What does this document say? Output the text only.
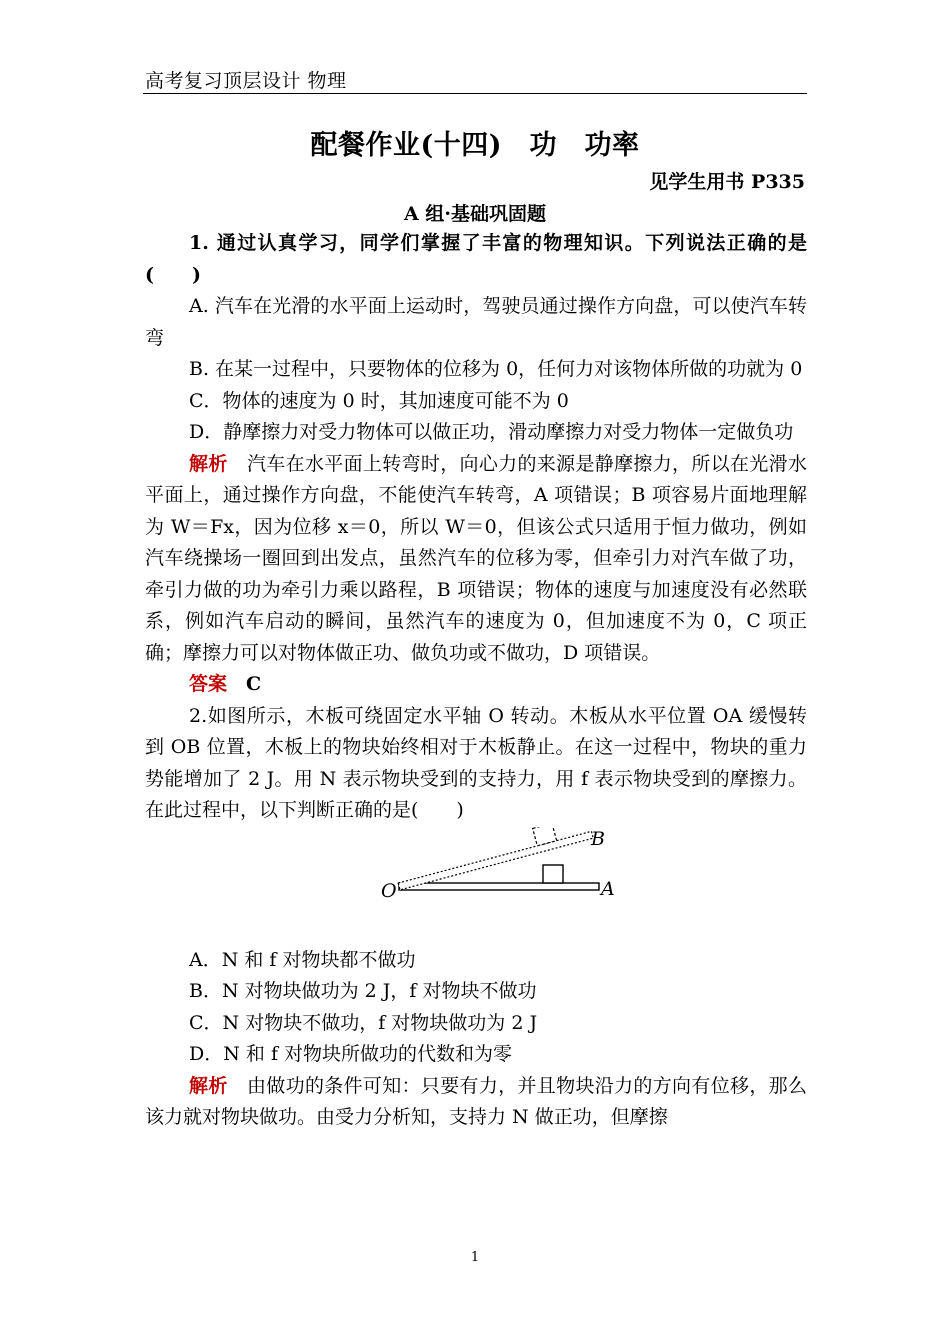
高考复习顶层设计 物理
配餐作业(十四)　功　功率
见学生用书 P335
A 组·基础巩固题

1. 通过认真学习，同学们掌握了丰富的物理知识。下列说法正确的是 (　　)

A. 汽车在光滑的水平面上运动时，驾驶员通过操作方向盘，可以使汽车转弯

B. 在某一过程中，只要物体的位移为 0，任何力对该物体所做的功就为 0

C．物体的速度为 0 时，其加速度可能不为 0

D．静摩擦力对受力物体可以做正功，滑动摩擦力对受力物体一定做负功

解析　 汽车在水平面上转弯时，向心力的来源是静摩擦力，所以在光滑水平面上，通过操作方向盘，不能使汽车转弯，A 项错误；B 项容易片面地理解为 W＝Fx，因为位移 x＝0，所以 W＝0，但该公式只适用于恒力做功，例如汽车绕操场一圈回到出发点，虽然汽车的位移为零，但牵引力对汽车做了功，牵引力做的功为牵引力乘以路程，B 项错误；物体的速度与加速度没有必然联系，例如汽车启动的瞬间，虽然汽车的速度为 0，但加速度不为 0，C 项正确；摩擦力可以对物体做正功、做负功或不做功，D 项错误。

答案　 C

2.如图所示，木板可绕固定水平轴 O 转动。木板从水平位置 OA 缓慢转到 OB 位置，木板上的物块始终相对于木板静止。在这一过程中，物块的重力势能增加了 2 J。用 N 表示物块受到的支持力，用 f 表示物块受到的摩擦力。在此过程中，以下判断正确的是(　　)

O	A
B

A．N 和 f 对物块都不做功

B．N 对物块做功为 2 J，f 对物块不做功

C．N 对物块不做功，f 对物块做功为 2 J

D．N 和 f 对物块所做功的代数和为零

解析　 由做功的条件可知：只要有力，并且物块沿力的方向有位移，那么该力就对物块做功。由受力分析知，支持力 N 做正功，但摩擦

1
